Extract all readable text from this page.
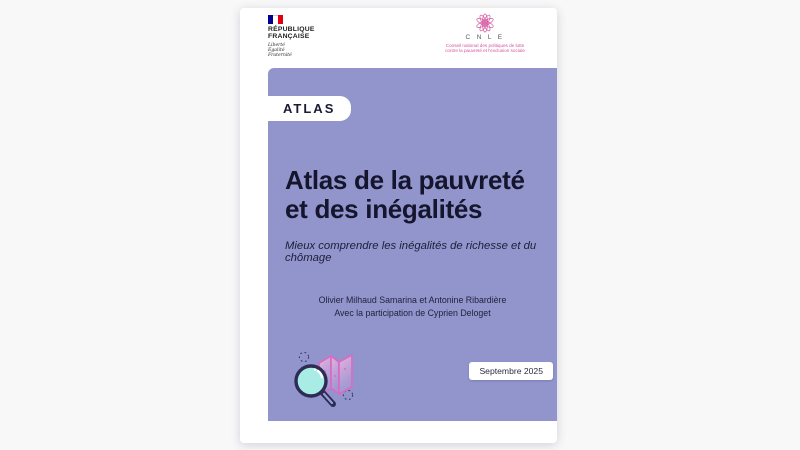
RÉPUBLIQUE
FRANÇAISE
Liberté
Égalité
Fraternité
C N L E
Conseil national des politiques de lutte
contre la pauvreté et l'exclusion sociale
ATLAS
Atlas de la pauvreté
et des inégalités
Mieux comprendre les inégalités de richesse et du chômage
Olivier Milhaud Samarina et Antonine Ribardière
Avec la participation de Cyprien Deloget
Septembre 2025
